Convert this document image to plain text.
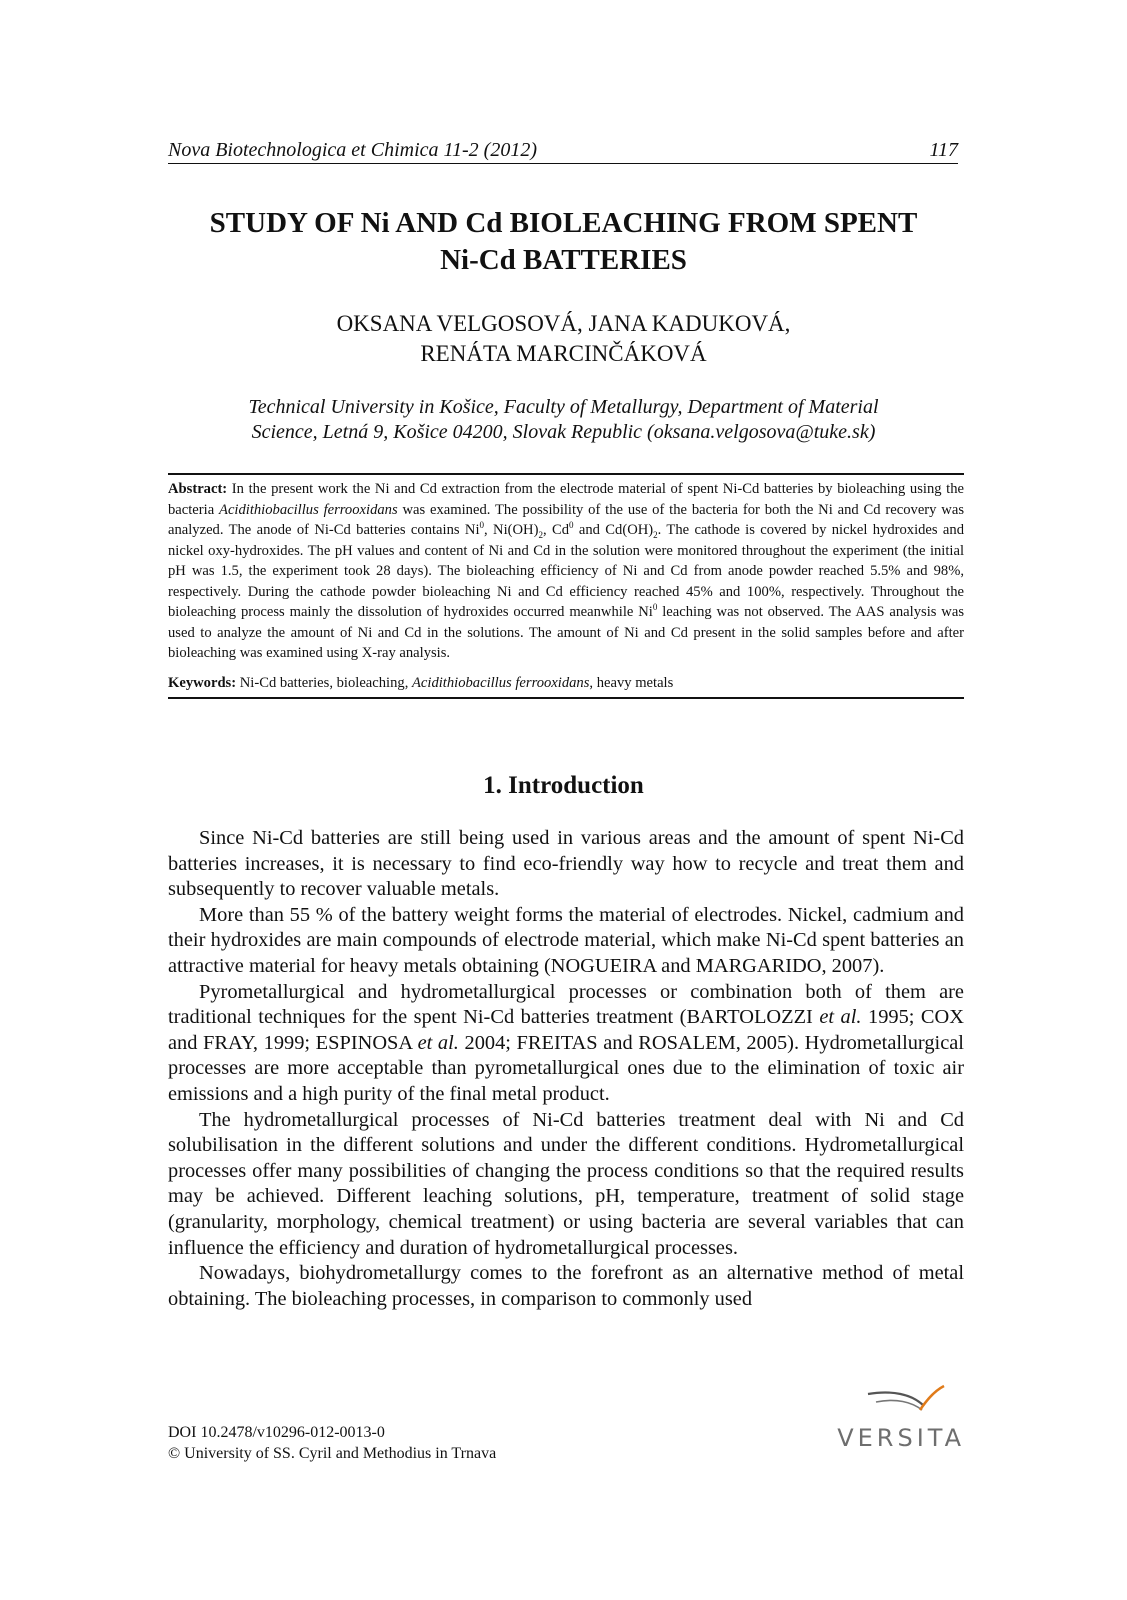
Nova Biotechnologica et Chimica 11-2 (2012)	117
STUDY OF Ni AND Cd BIOLEACHING FROM SPENT
Ni-Cd BATTERIES
OKSANA VELGOSOVÁ, JANA KADUKOVÁ,
RENÁTA MARCINČÁKOVÁ
Technical University in Košice, Faculty of Metallurgy, Department of Material
Science, Letná 9, Košice 04200, Slovak Republic (oksana.velgosova@tuke.sk)

Abstract: In the present work the Ni and Cd extraction from the electrode material of spent Ni-Cd batteries by bioleaching using the bacteria Acidithiobacillus ferrooxidans was examined. The possibility of the use of the bacteria for both the Ni and Cd recovery was analyzed. The anode of Ni-Cd batteries contains Ni$^0$, $Ni(OH)_2$, Cd$^0$ and $Cd(OH)_2$. The cathode is covered by nickel hydroxides and nickel oxy-hydroxides. The pH values and content of Ni and Cd in the solution were monitored throughout the experiment (the initial pH was 1.5, the experiment took 28 days). The bioleaching efficiency of Ni and Cd from anode powder reached 5.5% and 98%, respectively. During the cathode powder bioleaching Ni and Cd efficiency reached 45% and 100%, respectively. Throughout the bioleaching process mainly the dissolution of hydroxides occurred meanwhile Ni$^0$ leaching was not observed. The AAS analysis was used to analyze the amount of Ni and Cd in the solutions. The amount of Ni and Cd present in the solid samples before and after bioleaching was examined using X-ray analysis.

Keywords: Ni-Cd batteries, bioleaching, Acidithiobacillus ferrooxidans, heavy metals

1. Introduction

Since Ni-Cd batteries are still being used in various areas and the amount of spent Ni-Cd batteries increases, it is necessary to find eco-friendly way how to recycle and treat them and subsequently to recover valuable metals.

More than 55 % of the battery weight forms the material of electrodes. Nickel, cadmium and their hydroxides are main compounds of electrode material, which make Ni-Cd spent batteries an attractive material for heavy metals obtaining (NOGUEIRA and MARGARIDO, 2007).

Pyrometallurgical and hydrometallurgical processes or combination both of them are traditional techniques for the spent Ni-Cd batteries treatment (BARTOLOZZI et al. 1995; COX and FRAY, 1999; ESPINOSA et al. 2004; FREITAS and ROSALEM, 2005). Hydrometallurgical processes are more acceptable than pyrometallurgical ones due to the elimination of toxic air emissions and a high purity of the final metal product.

The hydrometallurgical processes of Ni-Cd batteries treatment deal with Ni and Cd solubilisation in the different solutions and under the different conditions. Hydrometallurgical processes offer many possibilities of changing the process conditions so that the required results may be achieved. Different leaching solutions, pH, temperature, treatment of solid stage (granularity, morphology, chemical treatment) or using bacteria are several variables that can influence the efficiency and duration of hydrometallurgical processes.

Nowadays, biohydrometallurgy comes to the forefront as an alternative method of metal obtaining. The bioleaching processes, in comparison to commonly used

DOI 10.2478/v10296-012-0013-0
© University of SS. Cyril and Methodius in Trnava
VERSITA
